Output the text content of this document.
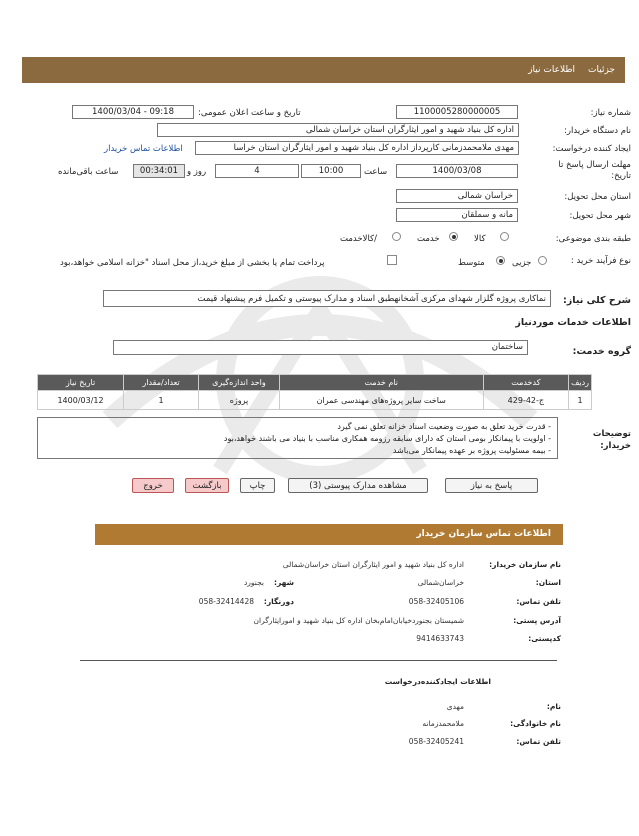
جزئیات
اطلاعات نیاز
شماره نیاز:
1100005280000005
تاریخ و ساعت اعلان عمومی:
1400/03/04 - 09:18
نام دستگاه خریدار:
اداره کل بنیاد شهید و امور ایثارگران استان خراسان شمالی
ایجاد کننده درخواست:
مهدی ملامحمدزمانی کارپرداز اداره کل بنیاد شهید و امور ایثارگران استان خراسا
اطلاعات تماس خریدار
مهلت ارسال پاسخ تا تاریخ:
1400/03/08
ساعت
10:00
4
روز و
00:34:01
ساعت باقی‌مانده
استان محل تحویل:
خراسان شمالی
شهر محل تحویل:
مانه و سملقان
طبقه بندی موضوعی:
کالا
خدمت
/کالاخدمت
نوع فرآیند خرید :
جزیی
متوسط
پرداخت تمام یا بخشی از مبلغ خرید،از محل اسناد "خزانه اسلامی خواهد،بود
شرح کلی نیاز:
نماکاری پروژه گلزار شهدای مرکزی آشخانهطبق اسناد و مدارک پیوستی و تکمیل فرم پیشنهاد قیمت
اطلاعات خدمات موردنیاز
گروه خدمت:
ساختمان
ردیف	کدخدمت	نام خدمت	واحد اندازه‌گیری	تعداد/مقدار	تاریخ نیاز
1	ج-42-429	ساخت سایر پروژه‌های مهندسی عمران	پروژه	1	1400/03/12
توضیحات خریدار:
- قدرت خرید تعلق به صورت وضعیت اسناد خزانه تعلق نمی گیرد
- اولویت با پیمانکار بومی استان که دارای سابقه رزومه همکاری مناسب با بنیاد می باشند خواهد،بود
- بیمه مسئولیت پروژه بر عهده پیمانکار می‌باشد
پاسخ به نیاز
مشاهده مدارک پیوستی (3)
چاپ
بازگشت
خروج
اطلاعات تماس سازمان خریدار
نام سازمان خریدار:
اداره کل بنیاد شهید و امور ایثارگران استان خراسان‌شمالی
استان:
خراسان‌شمالی
شهر:
بجنورد
تلفن تماس:
058-32405106
دورنگار:
058-32414428
آدرس پستی:
شمیستان بجنورد‌خیابان‌امام‌بخان اداره کل بنیاد شهید و امورایثارگران
کدپستی:
9414633743
اطلاعات ایجادکننده‌درخواست
نام:
مهدی
نام خانوادگی:
ملامحمدزمانه
تلفن تماس:
058-32405241
